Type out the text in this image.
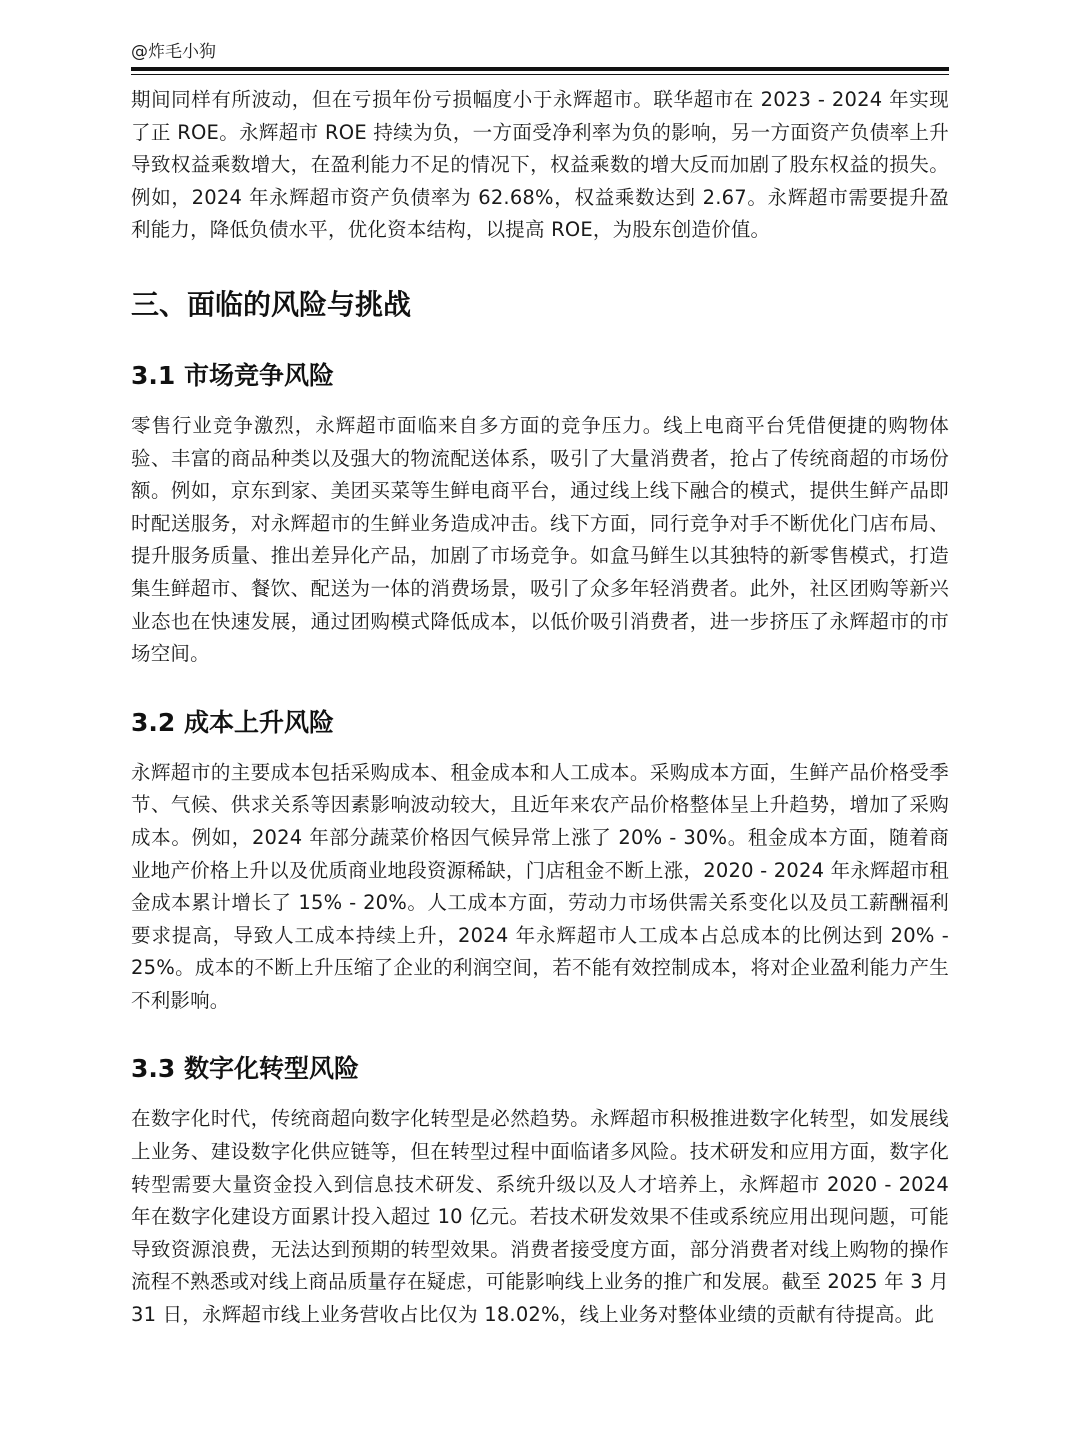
@炸毛小狗

期间同样有所波动，但在亏损年份亏损幅度小于永辉超市。联华超市在 2023 - 2024 年实现了正 ROE。永辉超市 ROE 持续为负，一方面受净利率为负的影响，另一方面资产负债率上升导致权益乘数增大，在盈利能力不足的情况下，权益乘数的增大反而加剧了股东权益的损失。例如，2024 年永辉超市资产负债率为 62.68%，权益乘数达到 2.67。永辉超市需要提升盈利能力，降低负债水平，优化资本结构，以提高 ROE，为股东创造价值。

三、面临的风险与挑战
3.1 市场竞争风险

零售行业竞争激烈，永辉超市面临来自多方面的竞争压力。线上电商平台凭借便捷的购物体验、丰富的商品种类以及强大的物流配送体系，吸引了大量消费者，抢占了传统商超的市场份额。例如，京东到家、美团买菜等生鲜电商平台，通过线上线下融合的模式，提供生鲜产品即时配送服务，对永辉超市的生鲜业务造成冲击。线下方面，同行竞争对手不断优化门店布局、提升服务质量、推出差异化产品，加剧了市场竞争。如盒马鲜生以其独特的新零售模式，打造集生鲜超市、餐饮、配送为一体的消费场景，吸引了众多年轻消费者。此外，社区团购等新兴业态也在快速发展，通过团购模式降低成本，以低价吸引消费者，进一步挤压了永辉超市的市场空间。

3.2 成本上升风险

永辉超市的主要成本包括采购成本、租金成本和人工成本。采购成本方面，生鲜产品价格受季节、气候、供求关系等因素影响波动较大，且近年来农产品价格整体呈上升趋势，增加了采购成本。例如，2024 年部分蔬菜价格因气候异常上涨了 20% - 30%。租金成本方面，随着商业地产价格上升以及优质商业地段资源稀缺，门店租金不断上涨，2020 - 2024 年永辉超市租金成本累计增长了 15% - 20%。人工成本方面，劳动力市场供需关系变化以及员工薪酬福利要求提高，导致人工成本持续上升，2024 年永辉超市人工成本占总成本的比例达到 20% - 25%。成本的不断上升压缩了企业的利润空间，若不能有效控制成本，将对企业盈利能力产生不利影响。

3.3 数字化转型风险

在数字化时代，传统商超向数字化转型是必然趋势。永辉超市积极推进数字化转型，如发展线上业务、建设数字化供应链等，但在转型过程中面临诸多风险。技术研发和应用方面，数字化转型需要大量资金投入到信息技术研发、系统升级以及人才培养上，永辉超市 2020 - 2024 年在数字化建设方面累计投入超过 10 亿元。若技术研发效果不佳或系统应用出现问题，可能导致资源浪费，无法达到预期的转型效果。消费者接受度方面，部分消费者对线上购物的操作流程不熟悉或对线上商品质量存在疑虑，可能影响线上业务的推广和发展。截至 2025 年 3 月 31 日，永辉超市线上业务营收占比仅为 18.02%，线上业务对整体业绩的贡献有待提高。此
